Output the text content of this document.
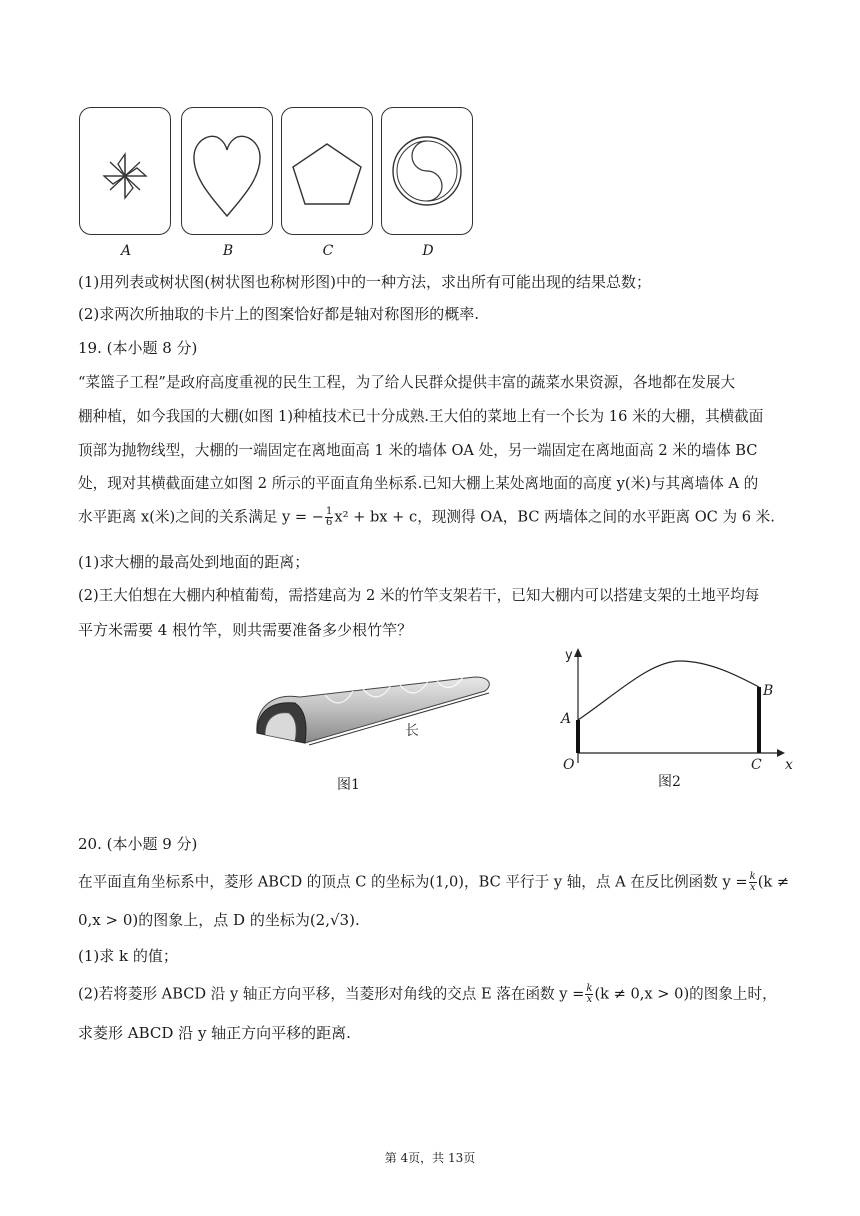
A	B	C	D
(1)用列表或树状图(树状图也称树形图)中的一种方法，求出所有可能出现的结果总数；
(2)求两次所抽取的卡片上的图案恰好都是轴对称图形的概率.
19. (本小题 8 分)
“菜篮子工程”是政府高度重视的民生工程，为了给人民群众提供丰富的蔬菜水果资源，各地都在发展大
棚种植，如今我国的大棚(如图 1)种植技术已十分成熟.王大伯的菜地上有一个长为 16 米的大棚，其横截面
顶部为抛物线型，大棚的一端固定在离地面高 1 米的墙体 OA 处，另一端固定在离地面高 2 米的墙体 BC
处，现对其横截面建立如图 2 所示的平面直角坐标系.已知大棚上某处离地面的高度 y(米)与其离墙体 A 的
水平距离 x(米)之间的关系满足 y = − $\frac{1}{6} x^2$ + bx + c，现测得 OA，BC 两墙体之间的水平距离 OC 为 6 米.
(1)求大棚的最高处到地面的距离；
(2)王大伯想在大棚内种植葡萄，需搭建高为 2 米的竹竿支架若干，已知大棚内可以搭建支架的土地平均每
平方米需要 4 根竹竿，则共需要准备多少根竹竿？
长
图1
y
x
O
A
B
C
图2
20. (本小题 9 分)
在平面直角坐标系中，菱形 ABCD 的顶点 C 的坐标为(1,0)，BC 平行于 y 轴，点 A 在反比例函数 $y = \frac{k}{x} (k$ ≠
0,x > 0)的图象上，点 D 的坐标为(2,√3).
(1)求 k 的值；
(2)若将菱形 ABCD 沿 y 轴正方向平移，当菱形对角线的交点 E 落在函数 $y = \frac{k}{x} (k \ne 0,x > 0)$的图象上时，
求菱形 ABCD 沿 y 轴正方向平移的距离.
第 4页，共 13页
